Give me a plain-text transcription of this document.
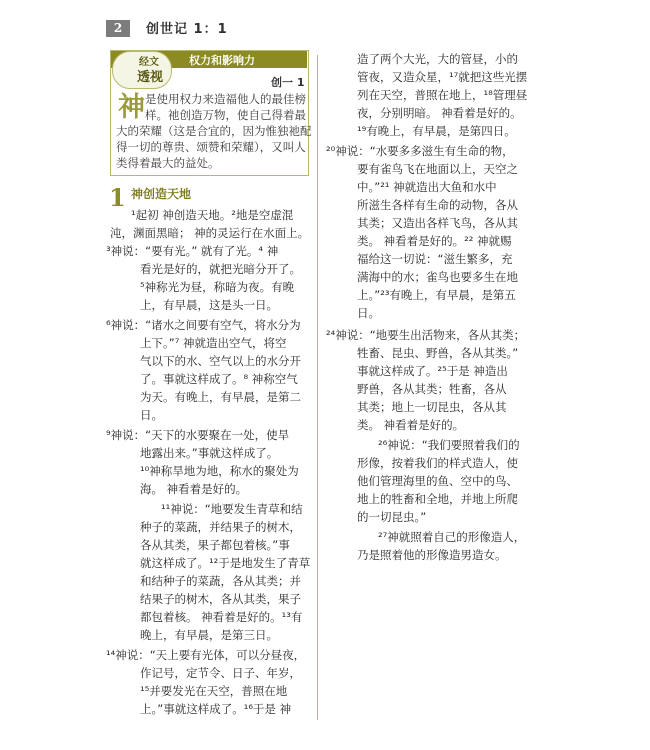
2	创世记 1：1
经文
透视
权力和影响力
创一 1
神 是使用权力来造福他人的最佳榜
样。祂创造万物，使自己得着最
大的荣耀（这是合宜的，因为惟独祂配
得一切的尊贵、颂赞和荣耀），又叫人
类得着最大的益处。
1 神创造天地
¹起初 神创造天地。²地是空虚混
沌，渊面黑暗； 神的灵运行在水面上。
³神说：“要有光。” 就有了光。⁴ 神
看光是好的，就把光暗分开了。
⁵神称光为昼，称暗为夜。有晚
上，有早晨，这是头一日。
⁶神说：“诸水之间要有空气，将水分为
上下。”⁷ 神就造出空气，将空
气以下的水、空气以上的水分开
了。事就这样成了。⁸ 神称空气
为天。有晚上，有早晨，是第二
日。
⁹神说：“天下的水要聚在一处，使旱
地露出来。”事就这样成了。
¹⁰神称旱地为地，称水的聚处为
海。 神看着是好的。
¹¹神说：“地要发生青草和结
种子的菜蔬，并结果子的树木，
各从其类，果子都包着核。”事
就这样成了。¹²于是地发生了青草
和结种子的菜蔬，各从其类；并
结果子的树木，各从其类，果子
都包着核。 神看着是好的。¹³有
晚上，有早晨，是第三日。
¹⁴神说：“天上要有光体，可以分昼夜，
作记号，定节令、日子、年岁，
¹⁵并要发光在天空，普照在地
上。”事就这样成了。¹⁶于是 神
造了两个大光，大的管昼，小的
管夜，又造众星，¹⁷就把这些光摆
列在天空，普照在地上，¹⁸管理昼
夜，分别明暗。 神看着是好的。
¹⁹有晚上，有早晨，是第四日。
²⁰神说：“水要多多滋生有生命的物，
要有雀鸟飞在地面以上，天空之
中。”²¹ 神就造出大鱼和水中
所滋生各样有生命的动物，各从
其类；又造出各样飞鸟，各从其
类。 神看着是好的。²² 神就赐
福给这一切说：“滋生繁多，充
满海中的水；雀鸟也要多生在地
上。”²³有晚上，有早晨，是第五
日。
²⁴神说：“地要生出活物来，各从其类；
牲畜、昆虫、野兽，各从其类。”
事就这样成了。²⁵于是 神造出
野兽，各从其类；牲畜，各从
其类；地上一切昆虫，各从其
类。 神看着是好的。
²⁶神说：“我们要照着我们的
形像，按着我们的样式造人，使
他们管理海里的鱼、空中的鸟、
地上的牲畜和全地，并地上所爬
的一切昆虫。”
²⁷神就照着自己的形像造人，
乃是照着他的形像造男造女。
